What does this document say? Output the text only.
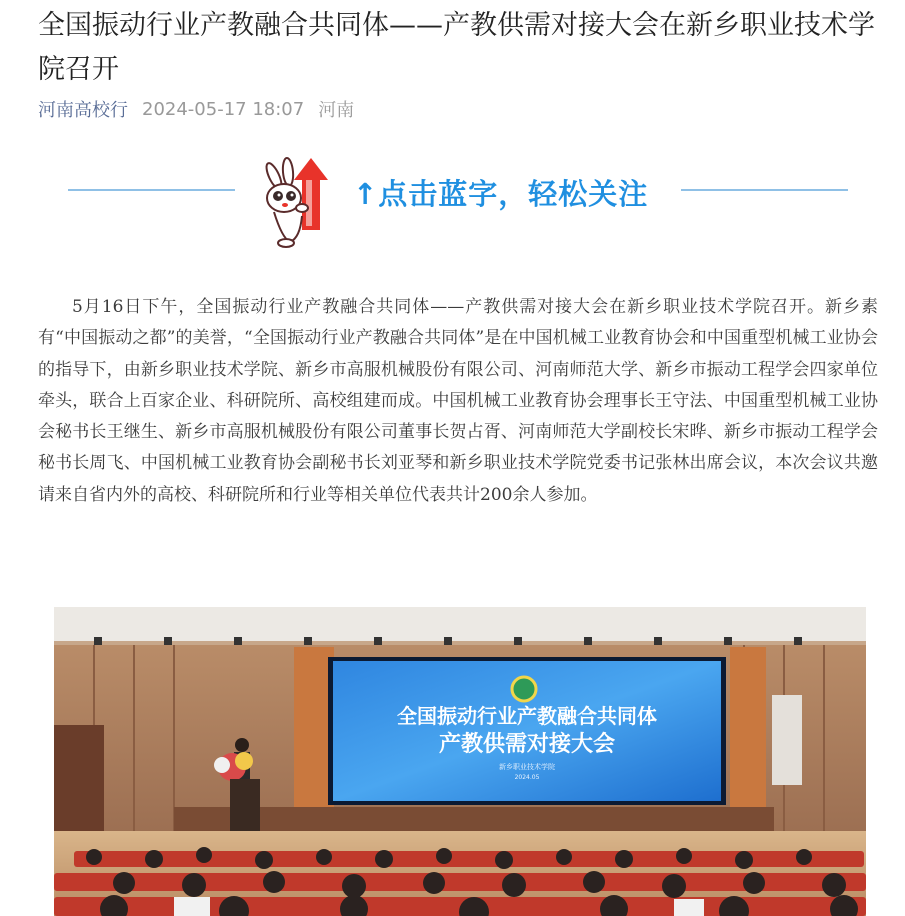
全国振动行业产教融合共同体——产教供需对接大会在新乡职业技术学院召开
河南高校行 2024-05-17 18:07 河南
↑点击蓝字，轻松关注

5月16日下午，全国振动行业产教融合共同体——产教供需对接大会在新乡职业技术学院召开。新乡素有“中国振动之都”的美誉，“全国振动行业产教融合共同体”是在中国机械工业教育协会和中国重型机械工业协会的指导下，由新乡职业技术学院、新乡市高服机械股份有限公司、河南师范大学、新乡市振动工程学会四家单位牵头，联合上百家企业、科研院所、高校组建而成。中国机械工业教育协会理事长王守法、中国重型机械工业协会秘书长王继生、新乡市高服机械股份有限公司董事长贺占胥、河南师范大学副校长宋晔、新乡市振动工程学会秘书长周飞、中国机械工业教育协会副秘书长刘亚琴和新乡职业技术学院党委书记张林出席会议，本次会议共邀请来自省内外的高校、科研院所和行业等相关单位代表共计200余人参加。

全国振动行业产教融合共同体
产教供需对接大会
新乡职业技术学院
2024.05
